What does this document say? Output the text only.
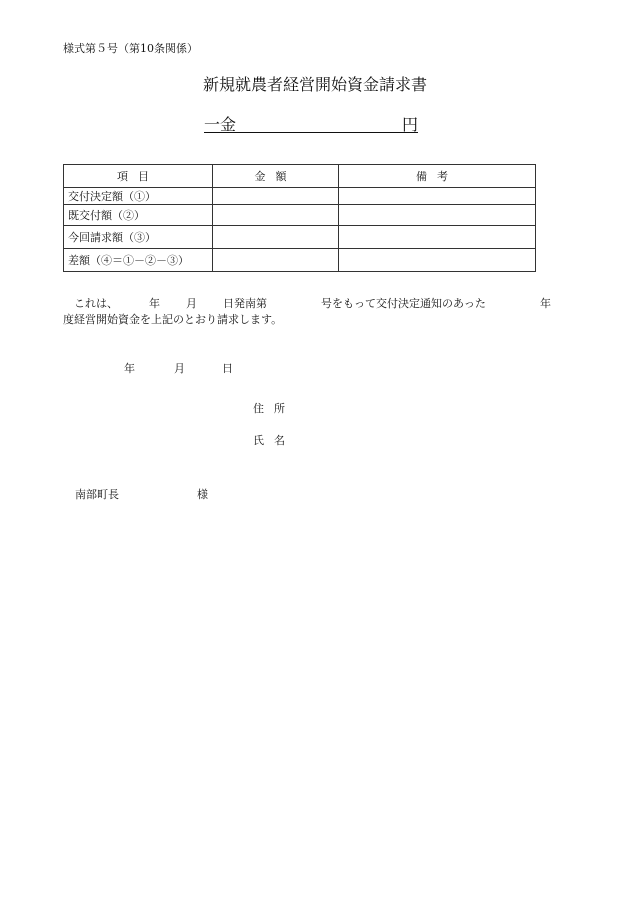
様式第５号（第10条関係）
新規就農者経営開始資金請求書
一金	円
項目	金額	備考
交付決定額（①）		
既交付額（②）		
今回請求額（③）		
差額（④＝①－②－③）		
これは、	年 月 日発南第	号をもって交付決定通知のあった	年
度経営開始資金を上記のとおり請求します。
年	月	日
住所
氏名
南部町長	様
